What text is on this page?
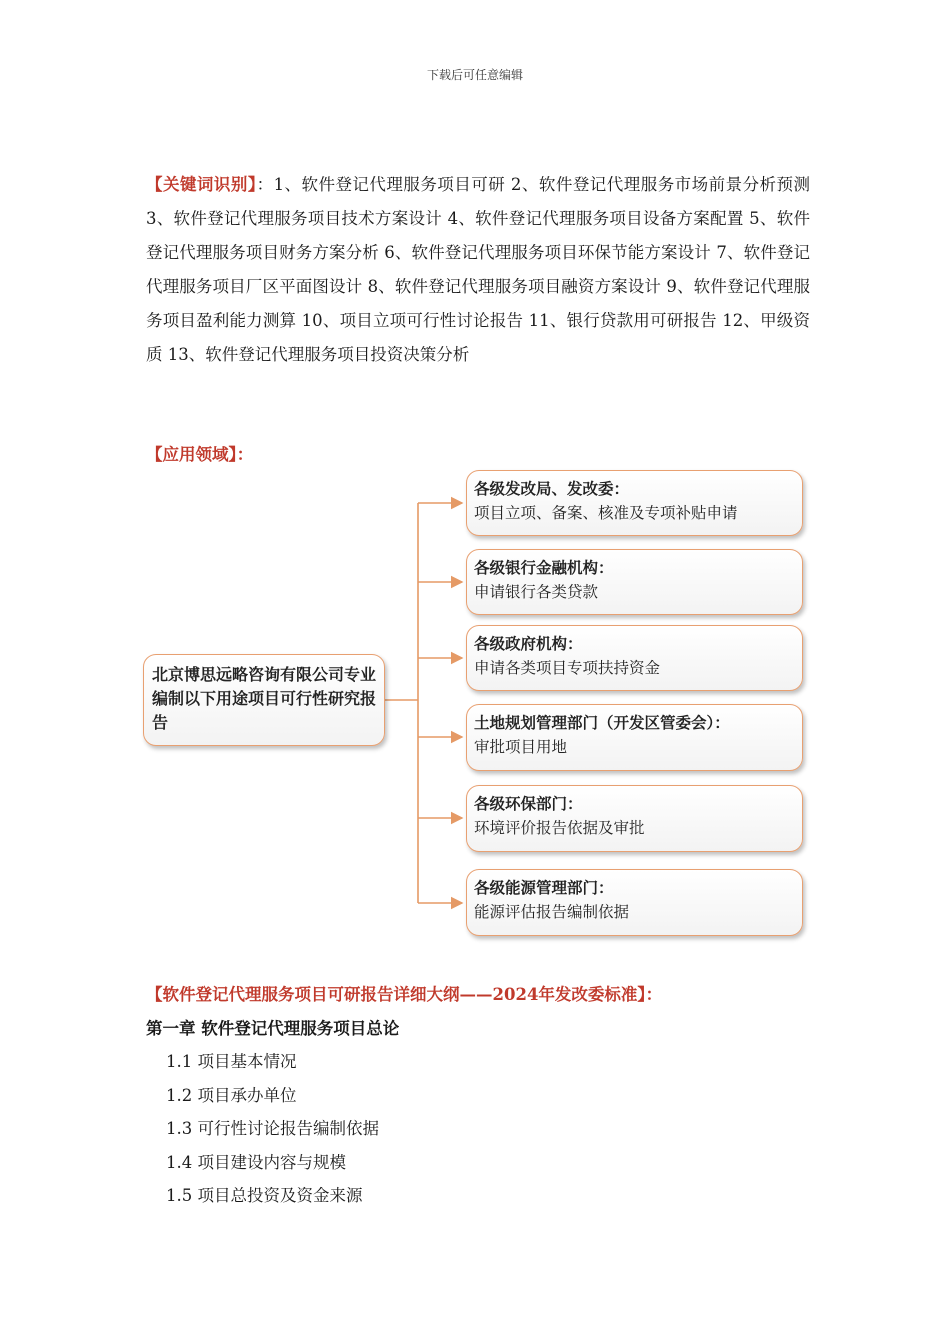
下载后可任意编辑
【关键词识别】：1、软件登记代理服务项目可研 2、软件登记代理服务市场前景分析预测 3、软件登记代理服务项目技术方案设计 4、软件登记代理服务项目设备方案配置 5、软件登记代理服务项目财务方案分析 6、软件登记代理服务项目环保节能方案设计 7、软件登记代理服务项目厂区平面图设计 8、软件登记代理服务项目融资方案设计 9、软件登记代理服务项目盈利能力测算 10、项目立项可行性讨论报告 11、银行贷款用可研报告 12、甲级资质 13、软件登记代理服务项目投资决策分析
【应用领域】：
北京博思远略咨询有限公司专业编制以下用途项目可行性研究报告
各级发改局、发改委：
项目立项、备案、核准及专项补贴申请
各级银行金融机构：
申请银行各类贷款
各级政府机构：
申请各类项目专项扶持资金
土地规划管理部门（开发区管委会）：
审批项目用地
各级环保部门：
环境评价报告依据及审批
各级能源管理部门：
能源评估报告编制依据
【软件登记代理服务项目可研报告详细大纲——2024年发改委标准】：
第一章 软件登记代理服务项目总论
1.1 项目基本情况
1.2 项目承办单位
1.3 可行性讨论报告编制依据
1.4 项目建设内容与规模
1.5 项目总投资及资金来源
